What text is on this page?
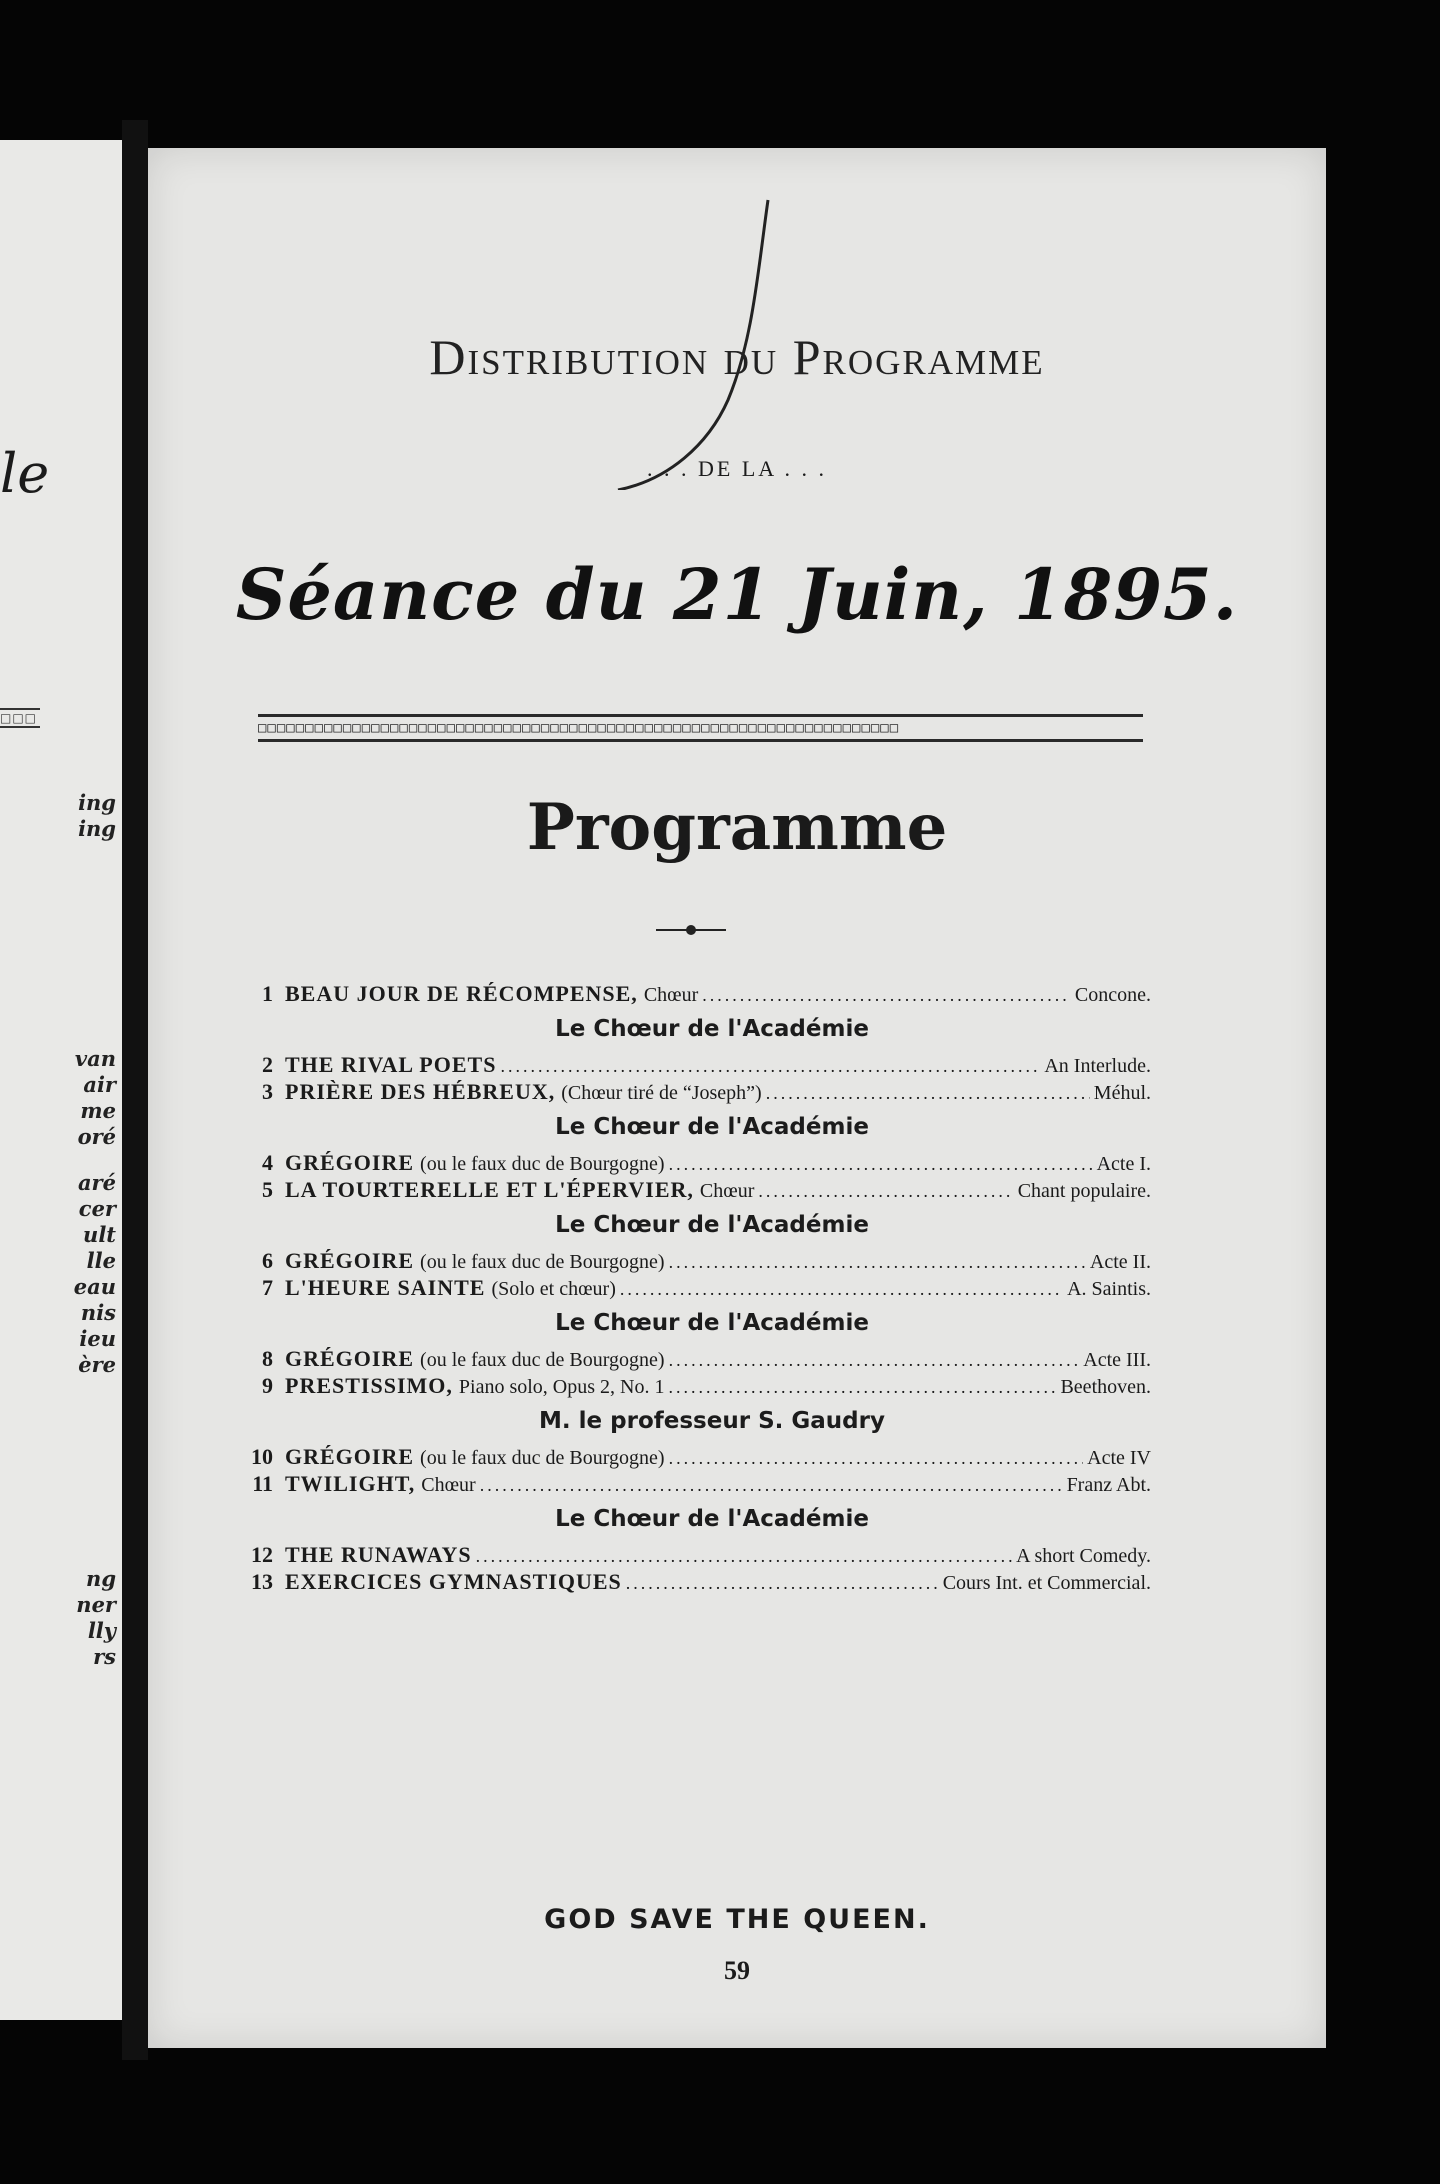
le
□□□
ing
ing
van
air
me
oré
aré
cer
ult
lle
eau
nis
ieu
ère
ng
ner
lly
rs
Distribution du Programme
. . . DE LA . . .
Séance du 21 Juin, 1895.
□□□□□□□□□□□□□□□□□□□□□□□□□□□□□□□□□□□□□□□□□□□□□□□□□□□□□□□□□□□□□□□□□□□□
Programme
1 BEAU JOUR DE RÉCOMPENSE, Chœur .....	Concone.
Le Chœur de l'Académie
2 THE RIVAL POETS .....	An Interlude.
3 PRIÈRE DES HÉBREUX, (Chœur tiré de “Joseph”) .....	Méhul.
Le Chœur de l'Académie
4 GRÉGOIRE (ou le faux duc de Bourgogne) .....	Acte I.
5 LA TOURTERELLE ET L'ÉPERVIER, Chœur .....	Chant populaire.
Le Chœur de l'Académie
6 GRÉGOIRE (ou le faux duc de Bourgogne) .....	Acte II.
7 L'HEURE SAINTE (Solo et chœur) .....	A. Saintis.
Le Chœur de l'Académie
8 GRÉGOIRE (ou le faux duc de Bourgogne) .....	Acte III.
9 PRESTISSIMO, Piano solo, Opus 2, No. 1 .....	Beethoven.
M. le professeur S. Gaudry
10 GRÉGOIRE (ou le faux duc de Bourgogne) .....	Acte IV
11 TWILIGHT, Chœur .....	Franz Abt.
Le Chœur de l'Académie
12 THE RUNAWAYS .....	A short Comedy.
13 EXERCICES GYMNASTIQUES .....	Cours Int. et Commercial.
GOD SAVE THE QUEEN.
59
